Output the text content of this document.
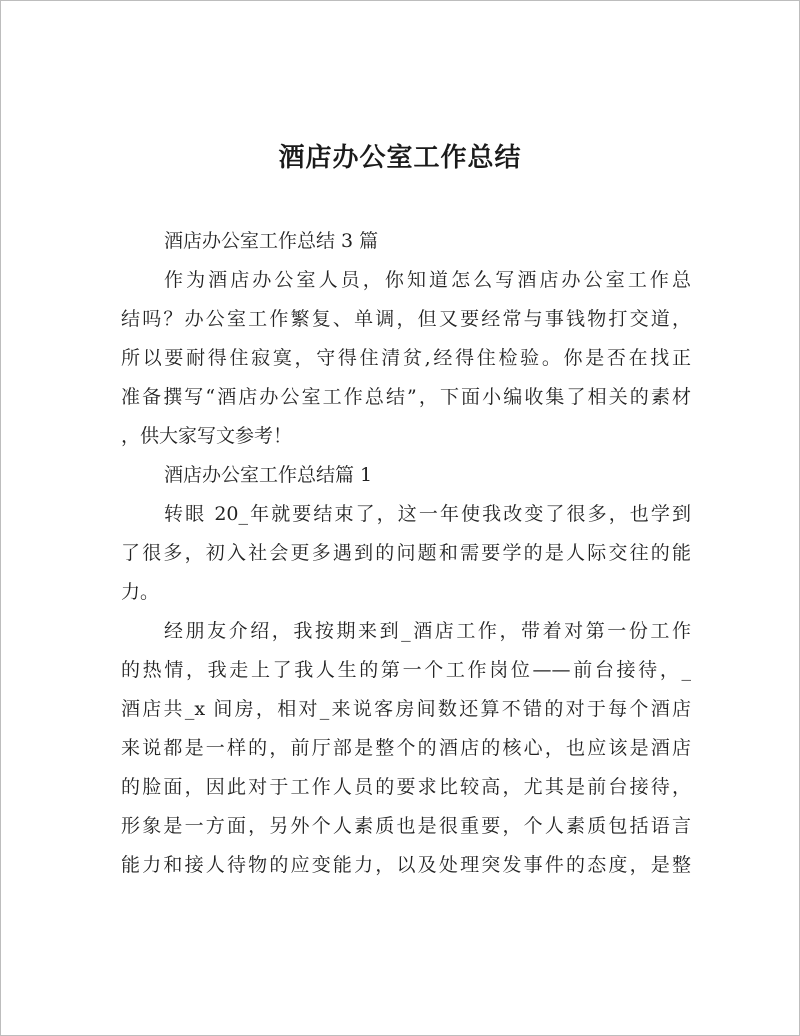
酒店办公室工作总结
酒店办公室工作总结 3 篇
作为酒店办公室人员，你知道怎么写酒店办公室工作总
结吗？办公室工作繁复、单调，但又要经常与事钱物打交道，
所以要耐得住寂寞，守得住清贫,经得住检验。你是否在找正
准备撰写“酒店办公室工作总结”，下面小编收集了相关的素材
，供大家写文参考！
酒店办公室工作总结篇 1
转眼 20_年就要结束了，这一年使我改变了很多，也学到
了很多，初入社会更多遇到的问题和需要学的是人际交往的能
力。
经朋友介绍，我按期来到_酒店工作，带着对第一份工作
的热情，我走上了我人生的第一个工作岗位——前台接待，_
酒店共_x 间房，相对_来说客房间数还算不错的对于每个酒店
来说都是一样的，前厅部是整个的酒店的核心，也应该是酒店
的脸面，因此对于工作人员的要求比较高，尤其是前台接待，
形象是一方面，另外个人素质也是很重要，个人素质包括语言
能力和接人待物的应变能力，以及处理突发事件的态度，是整
